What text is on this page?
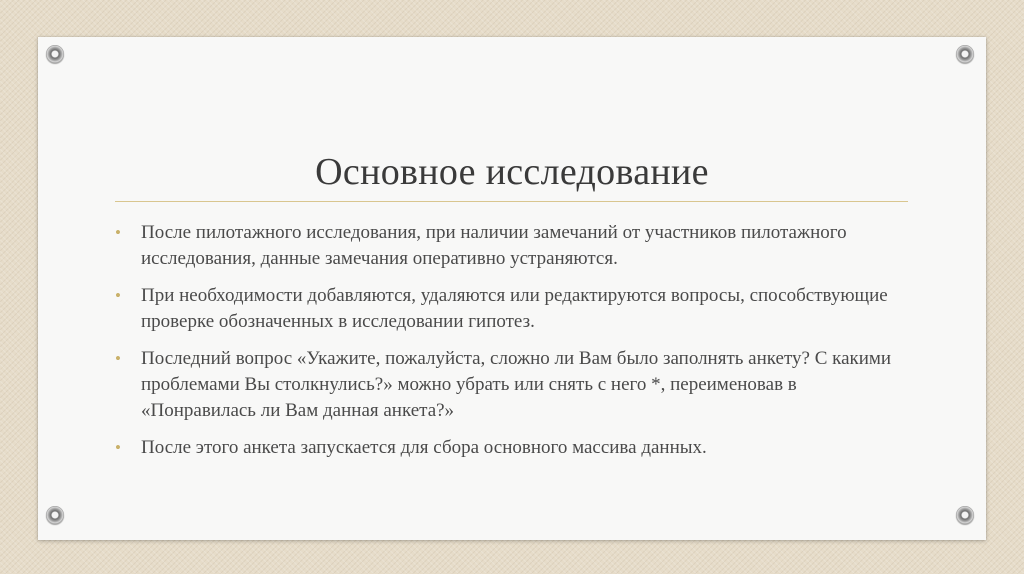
Основное исследование
• После пилотажного исследования, при наличии замечаний от участников пилотажного исследования, данные замечания оперативно устраняются.
• При необходимости добавляются, удаляются или редактируются вопросы, способствующие проверке обозначенных в исследовании гипотез.
• Последний вопрос «Укажите, пожалуйста, сложно ли Вам было заполнять анкету? С какими проблемами Вы столкнулись?» можно убрать или снять с него *, переименовав в «Понравилась ли Вам данная анкета?»
• После этого анкета запускается для сбора основного массива данных.
